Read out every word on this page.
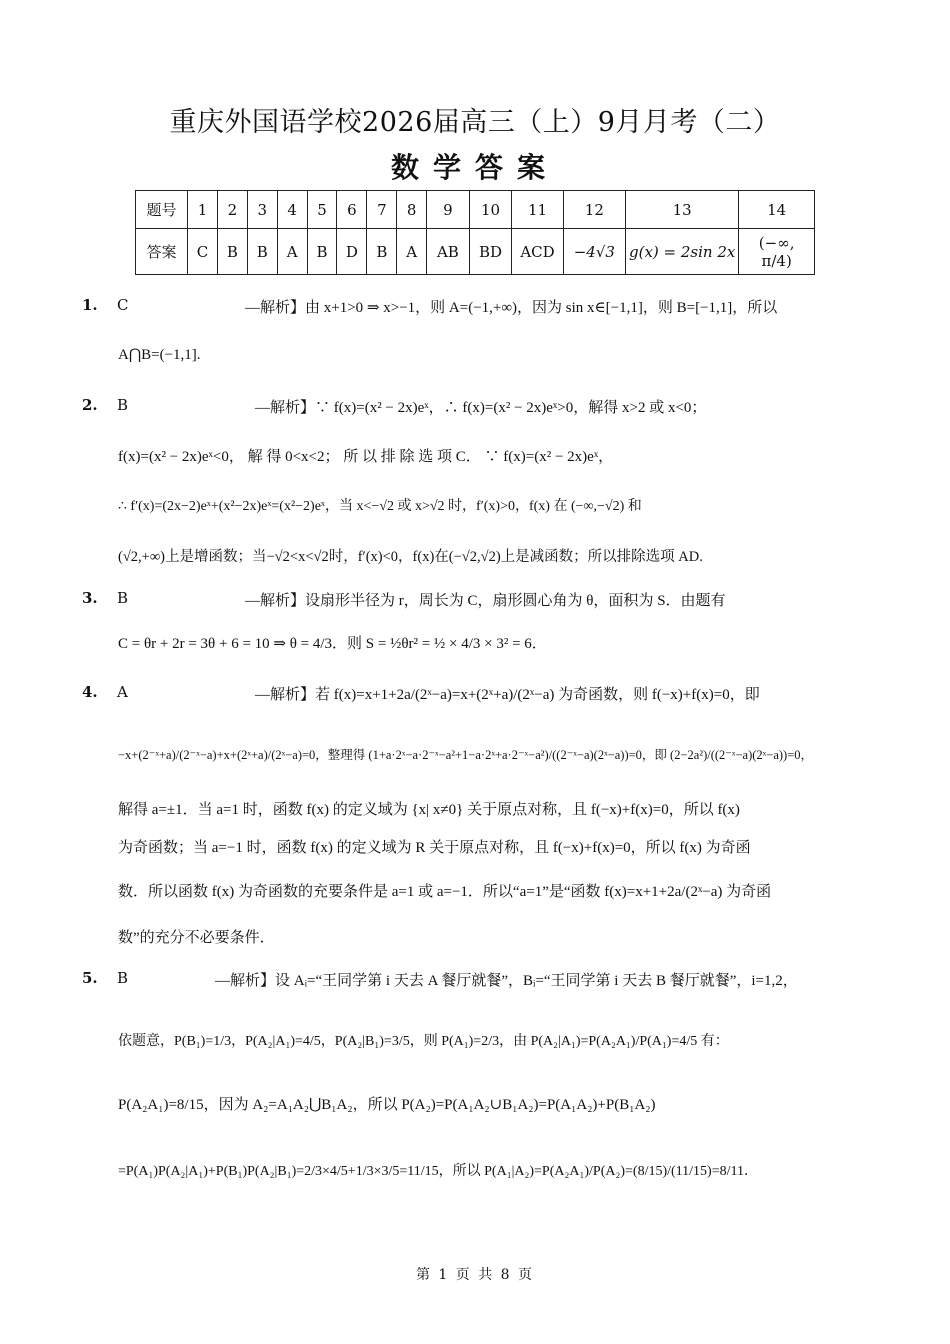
重庆外国语学校2026届高三（上）9月月考（二）
数学答案
题号	1	2	3	4	5	6	7	8	9	10	11	12	13	14
答案	C	B	B	A	B	D	B	A	AB	BD	ACD	−4√3	g(x) = 2sin 2x	(−∞, π/4)
1. C	—解析】由 x+1>0 ⇒ x>−1，则 A=(−1,+∞)，因为 sin x∈[−1,1]，则 B=[−1,1]，所以
A⋂B=(−1,1].
2. B	—解析】∵ f(x)=(x² − 2x)eˣ，∴ f(x)=(x² − 2x)eˣ>0，解得 x>2 或 x<0；
f(x)=(x² − 2x)eˣ<0， 解 得 0<x<2； 所 以 排 除 选 项 C． ∵ f(x)=(x² − 2x)eˣ，
∴ f′(x)=(2x−2)eˣ+(x²−2x)eˣ=(x²−2)eˣ，当 x<−√2 或 x>√2 时，f′(x)>0，f(x) 在 (−∞,−√2) 和
(√2,+∞)上是增函数；当−√2<x<√2时，f′(x)<0，f(x)在(−√2,√2)上是减函数；所以排除选项 AD.
3. B	—解析】设扇形半径为 r，周长为 C，扇形圆心角为 θ，面积为 S．由题有
C = θr + 2r = 3θ + 6 = 10 ⇒ θ = 4/3．则 S = ½θr² = ½ × 4/3 × 3² = 6．
4. A	—解析】若 f(x)=x+1+2a/(2ˣ−a)=x+(2ˣ+a)/(2ˣ−a) 为奇函数，则 f(−x)+f(x)=0，即
−x+(2⁻ˣ+a)/(2⁻ˣ−a)+x+(2ˣ+a)/(2ˣ−a)=0，整理得 (1+a·2ˣ−a·2⁻ˣ−a²+1−a·2ˣ+a·2⁻ˣ−a²)/((2⁻ˣ−a)(2ˣ−a))=0，即 (2−2a²)/((2⁻ˣ−a)(2ˣ−a))=0，
解得 a=±1．当 a=1 时，函数 f(x) 的定义域为 {x| x≠0} 关于原点对称，且 f(−x)+f(x)=0，所以 f(x)
为奇函数；当 a=−1 时，函数 f(x) 的定义域为 R 关于原点对称，且 f(−x)+f(x)=0，所以 f(x) 为奇函
数．所以函数 f(x) 为奇函数的充要条件是 a=1 或 a=−1．所以“a=1”是“函数 f(x)=x+1+2a/(2ˣ−a) 为奇函
数”的充分不必要条件．
5. B	—解析】设 Aᵢ=“王同学第 i 天去 A 餐厅就餐”，Bᵢ=“王同学第 i 天去 B 餐厅就餐”，i=1,2，
依题意，P(B₁)=1/3，P(A₂|A₁)=4/5，P(A₂|B₁)=3/5，则 P(A₁)=2/3，由 P(A₂|A₁)=P(A₂A₁)/P(A₁)=4/5 有：
P(A₂A₁)=8/15，因为 A₂=A₁A₂⋃B₁A₂，所以 P(A₂)=P(A₁A₂∪B₁A₂)=P(A₁A₂)+P(B₁A₂)
=P(A₁)P(A₂|A₁)+P(B₁)P(A₂|B₁)=2/3×4/5+1/3×3/5=11/15，所以 P(A₁|A₂)=P(A₂A₁)/P(A₂)=(8/15)/(11/15)=8/11．
第 1 页 共 8 页
